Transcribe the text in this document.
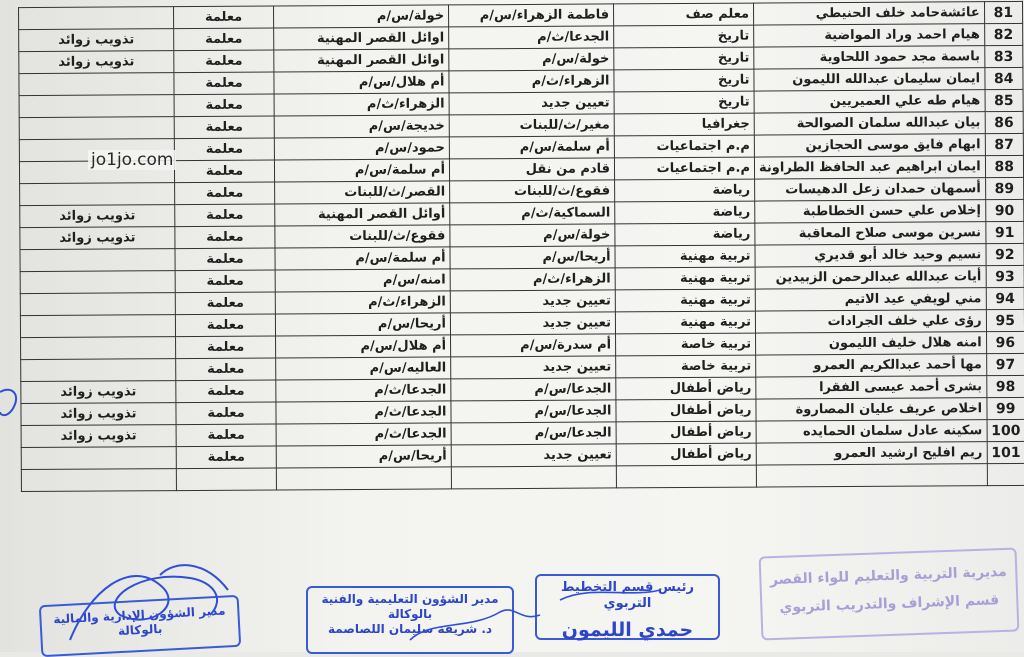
	معلمة	خولة/س/م	فاطمة الزهراء/س/م	معلم صف	عائشةحامد خلف الحنيطي	81
تذويب زوائد	معلمة	اوائل القصر المهنية	الجدعا/ث/م	تاريخ	هيام احمد وراد المواضية	82
تذويب زوائد	معلمة	اوائل القصر المهنية	خولة/س/م	تاريخ	باسمة مجد حمود اللحاوية	83
	معلمة	أم هلال/س/م	الزهراء/ث/م	تاريخ	ايمان سليمان عبدالله الليمون	84
	معلمة	الزهراء/ث/م	تعيين جديد	تاريخ	هيام طه علي العميريين	85
	معلمة	خديجة/س/م	مغير/ث/للبنات	جغرافيا	بيان عبدالله سلمان الصوالحة	86
	معلمة	حمود/س/م	أم سلمة/س/م	م.م اجتماعيات	ابهام فايق موسى الحجازين	87
	معلمة	أم سلمة/س/م	قادم من نقل	م.م اجتماعيات	ايمان ابراهيم عبد الحافظ الطراونة	88
	معلمة	القصر/ث/للبنات	فقوع/ث/للبنات	رياضة	أسمهان حمدان زعل الدهيسات	89
تذويب زوائد	معلمة	أوائل القصر المهنية	السماكية/ث/م	رياضة	إخلاص علي حسن الخطاطبة	90
تذويب زوائد	معلمة	فقوع/ث/للبنات	خولة/س/م	رياضة	نسرين موسى صلاح المعاقبة	91
	معلمة	أم سلمة/س/م	أريحا/س/م	تربية مهنية	نسيم وحيد خالد أبو قديري	92
	معلمة	امنه/س/م	الزهراء/ث/م	تربية مهنية	أيات عبدالله عبدالرحمن الزبيدين	93
	معلمة	الزهراء/ث/م	تعيين جديد	تربية مهنية	مني لويفي عيد الاتيم	94
	معلمة	أريحا/س/م	تعيين جديد	تربية مهنية	رؤى علي خلف الجرادات	95
	معلمة	أم هلال/س/م	أم سدرة/س/م	تربية خاصة	امنه هلال خليف الليمون	96
	معلمة	العاليه/س/م	تعيين جديد	تربية خاصة	مها أحمد عبدالكريم العمرو	97
تذويب زوائد	معلمة	الجدعا/ث/م	الجدعا/س/م	رياض أطفال	بشرى أحمد عيسى الفقرا	98
تذويب زوائد	معلمة	الجدعا/ث/م	الجدعا/س/م	رياض أطفال	اخلاص عريف عليان المصاروة	99
تذويب زوائد	معلمة	الجدعا/ث/م	الجدعا/س/م	رياض أطفال	سكينه عادل سلمان الحمايده	100
	معلمة	أريحا/س/م	تعيين جديد	رياض أطفال	ريم افليح ارشيد العمرو	101

jo1jo.com
مديرية التربية والتعليم للواء القصر
قسم الإشراف والتدريب التربوي
رئيس قسم التخطيط التربوي
حمدي الليمون
مدير الشؤون التعليمية والفنية
بالوكالة
د. شريفة سليمان اللصاصمة
مدير الشؤون الإدارية والمالية
بالوكالة
